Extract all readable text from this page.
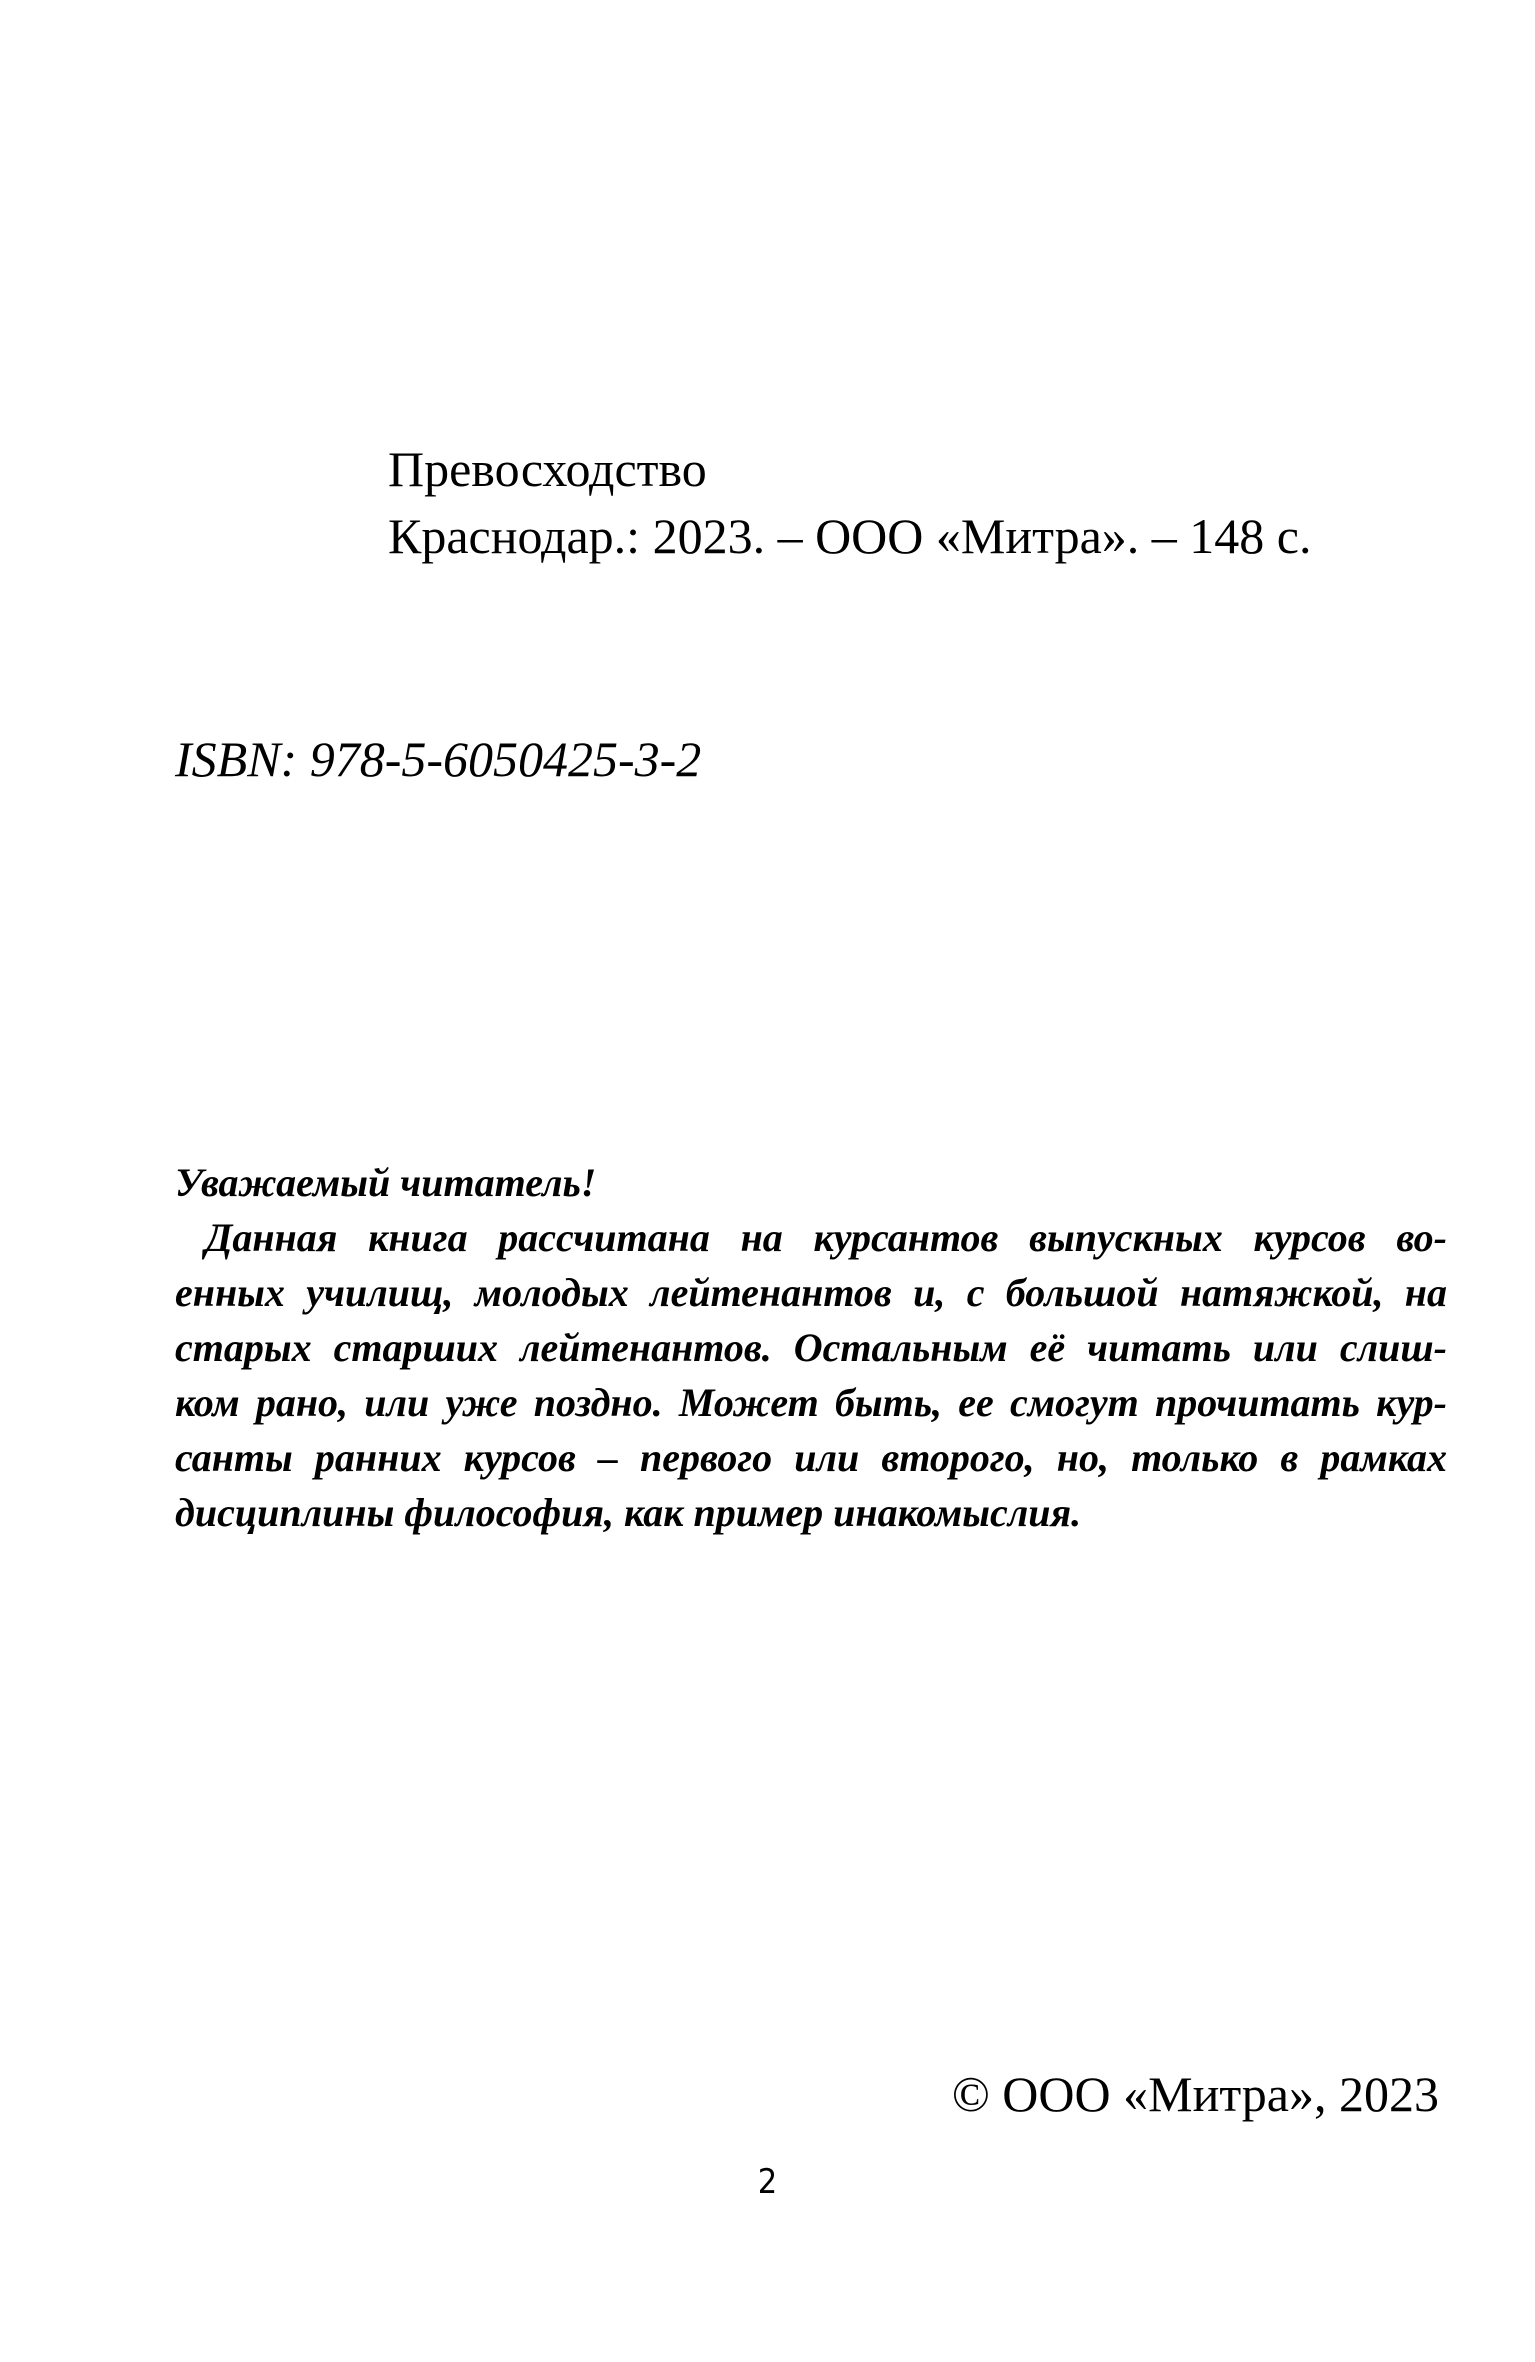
Превосходство
Краснодар.: 2023. – ООО «Митра». – 148 с.
ISBN: 978-5-6050425-3-2
Уважаемый читатель!
Данная книга рассчитана на курсантов выпускных курсов во-
енных училищ, молодых лейтенантов и, с большой натяжкой, на
старых старших лейтенантов. Остальным её читать или слиш-
ком рано, или уже поздно. Может быть, ее смогут прочитать кур-
санты ранних курсов – первого или второго, но, только в рамках
дисциплины философия, как пример инакомыслия.
© ООО «Митра», 2023
2
